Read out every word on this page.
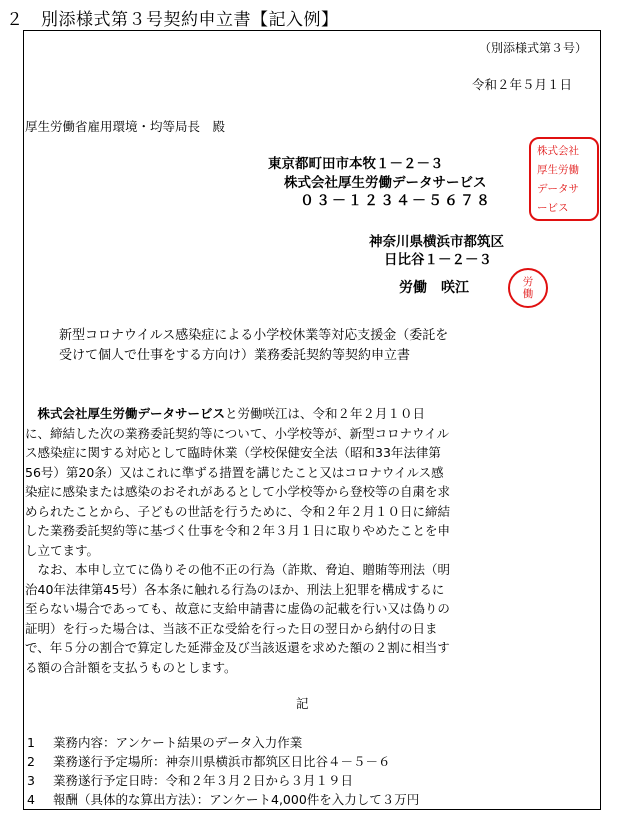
２　別添様式第３号契約申立書【記入例】
（別添様式第３号）
令和２年５月１日
厚生労働省雇用環境・均等局長　殿
東京都町田市本牧１－２－３
株式会社厚生労働データサービス
０３－１２３４－５６７８
株式会社
厚生労働
データサ
ービス
神奈川県横浜市都筑区
日比谷１－２－３
労働　咲江	労
働
新型コロナウイルス感染症による小学校休業等対応支援金（委託を
受けて個人で仕事をする方向け）業務委託契約等契約申立書

　株式会社厚生労働データサービスと労働咲江は、令和２年２月１０日

に、締結した次の業務委託契約等について、小学校等が、新型コロナウイル

ス感染症に関する対応として臨時休業（学校保健安全法（昭和33年法律第

56号）第20条）又はこれに準ずる措置を講じたこと又はコロナウイルス感

染症に感染または感染のおそれがあるとして小学校等から登校等の自粛を求

められたことから、子どもの世話を行うために、令和２年２月１０日に締結

した業務委託契約等に基づく仕事を令和２年３月１日に取りやめたことを申

し立てます。

　なお、本申し立てに偽りその他不正の行為（詐欺、脅迫、贈賄等刑法（明

治40年法律第45号）各本条に触れる行為のほか、刑法上犯罪を構成するに

至らない場合であっても、故意に支給申請書に虚偽の記載を行い又は偽りの

証明）を行った場合は、当該不正な受給を行った日の翌日から納付の日ま

で、年５分の割合で算定した延滞金及び当該返還を求めた額の２割に相当す

る額の合計額を支払うものとします。

記
1 業務内容：アンケート結果のデータ入力作業
2 業務遂行予定場所：神奈川県横浜市都筑区日比谷４－５－６
3 業務遂行予定日時：令和２年３月２日から３月１９日
4 報酬（具体的な算出方法）：アンケート4,000件を入力して３万円
